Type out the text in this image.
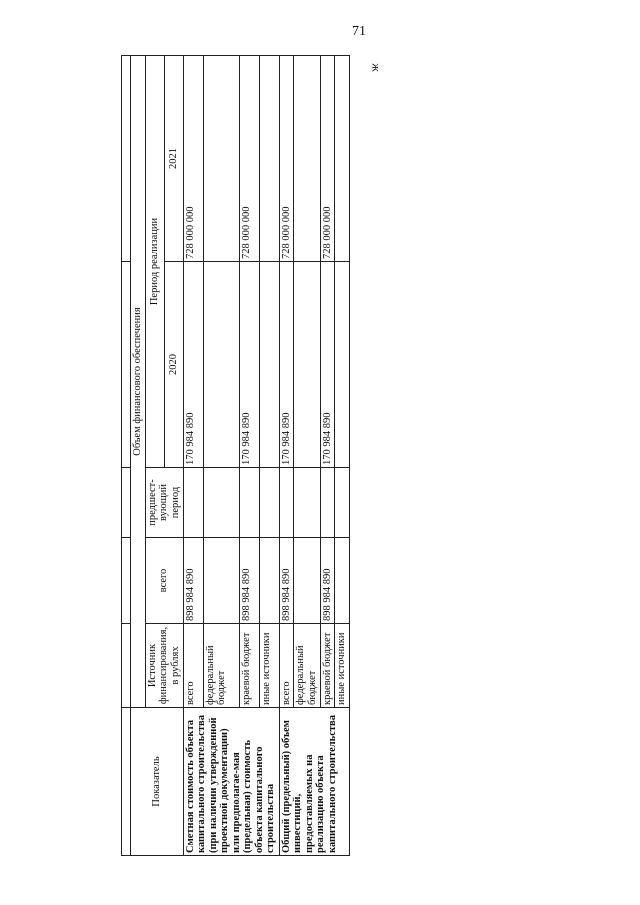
71
ж

Показатель	Объем финансового обеспечения				
	Источник финансирования, в рублях	всего	предшест-вующий период	Период реализации	
				2020	2021
Сметная стоимость объекта капитального строительства (при наличии утвержденной проектной документации) или предполагае-мая (предельная) стоимость объекта капитального строительства	всего	898 984 890		170 984 890	728 000 000
	федеральный бюджет				
	краевой бюджет	898 984 890		170 984 890	728 000 000
	иные источники				
Общий (предельный) объем инвестиций, предоставляемых на реализацию объекта капитального строительства	всего	898 984 890		170 984 890	728 000 000
	федеральный бюджет				
	краевой бюджет	898 984 890		170 984 890	728 000 000
	иные источники				
